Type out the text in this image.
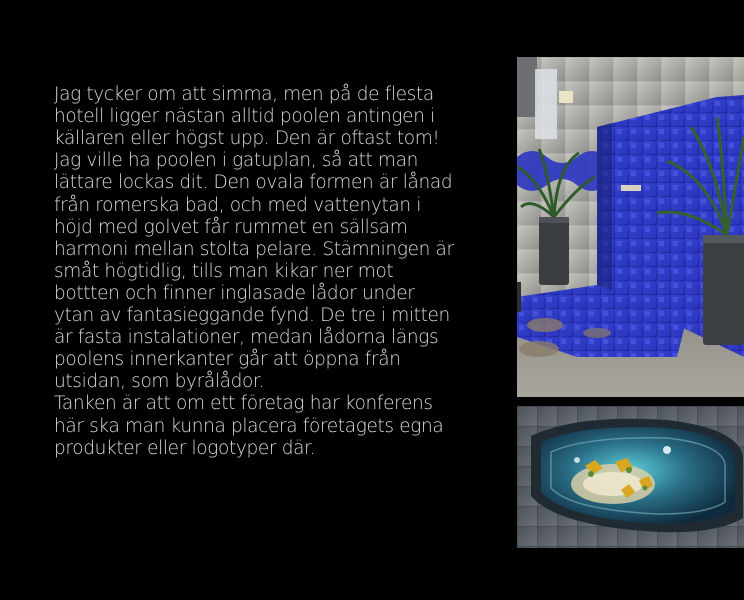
Jag tycker om att simma, men på de flesta
hotell ligger nästan alltid poolen antingen i
källaren eller högst upp. Den är oftast tom!
Jag ville ha poolen i gatuplan, så att man
lättare lockas dit. Den ovala formen är lånad
från romerska bad, och med vattenytan i
höjd med golvet får rummet en sällsam
harmoni mellan stolta pelare. Stämningen är
småt högtidlig, tills man kikar ner mot
bottten och finner inglasade lådor under
ytan av fantasieggande fynd. De tre i mitten
är fasta instalationer, medan lådorna längs
poolens innerkanter går att öppna från
utsidan, som byrålådor.
Tanken är att om ett företag har konferens
här ska man kunna placera företagets egna
produkter eller logotyper där.
